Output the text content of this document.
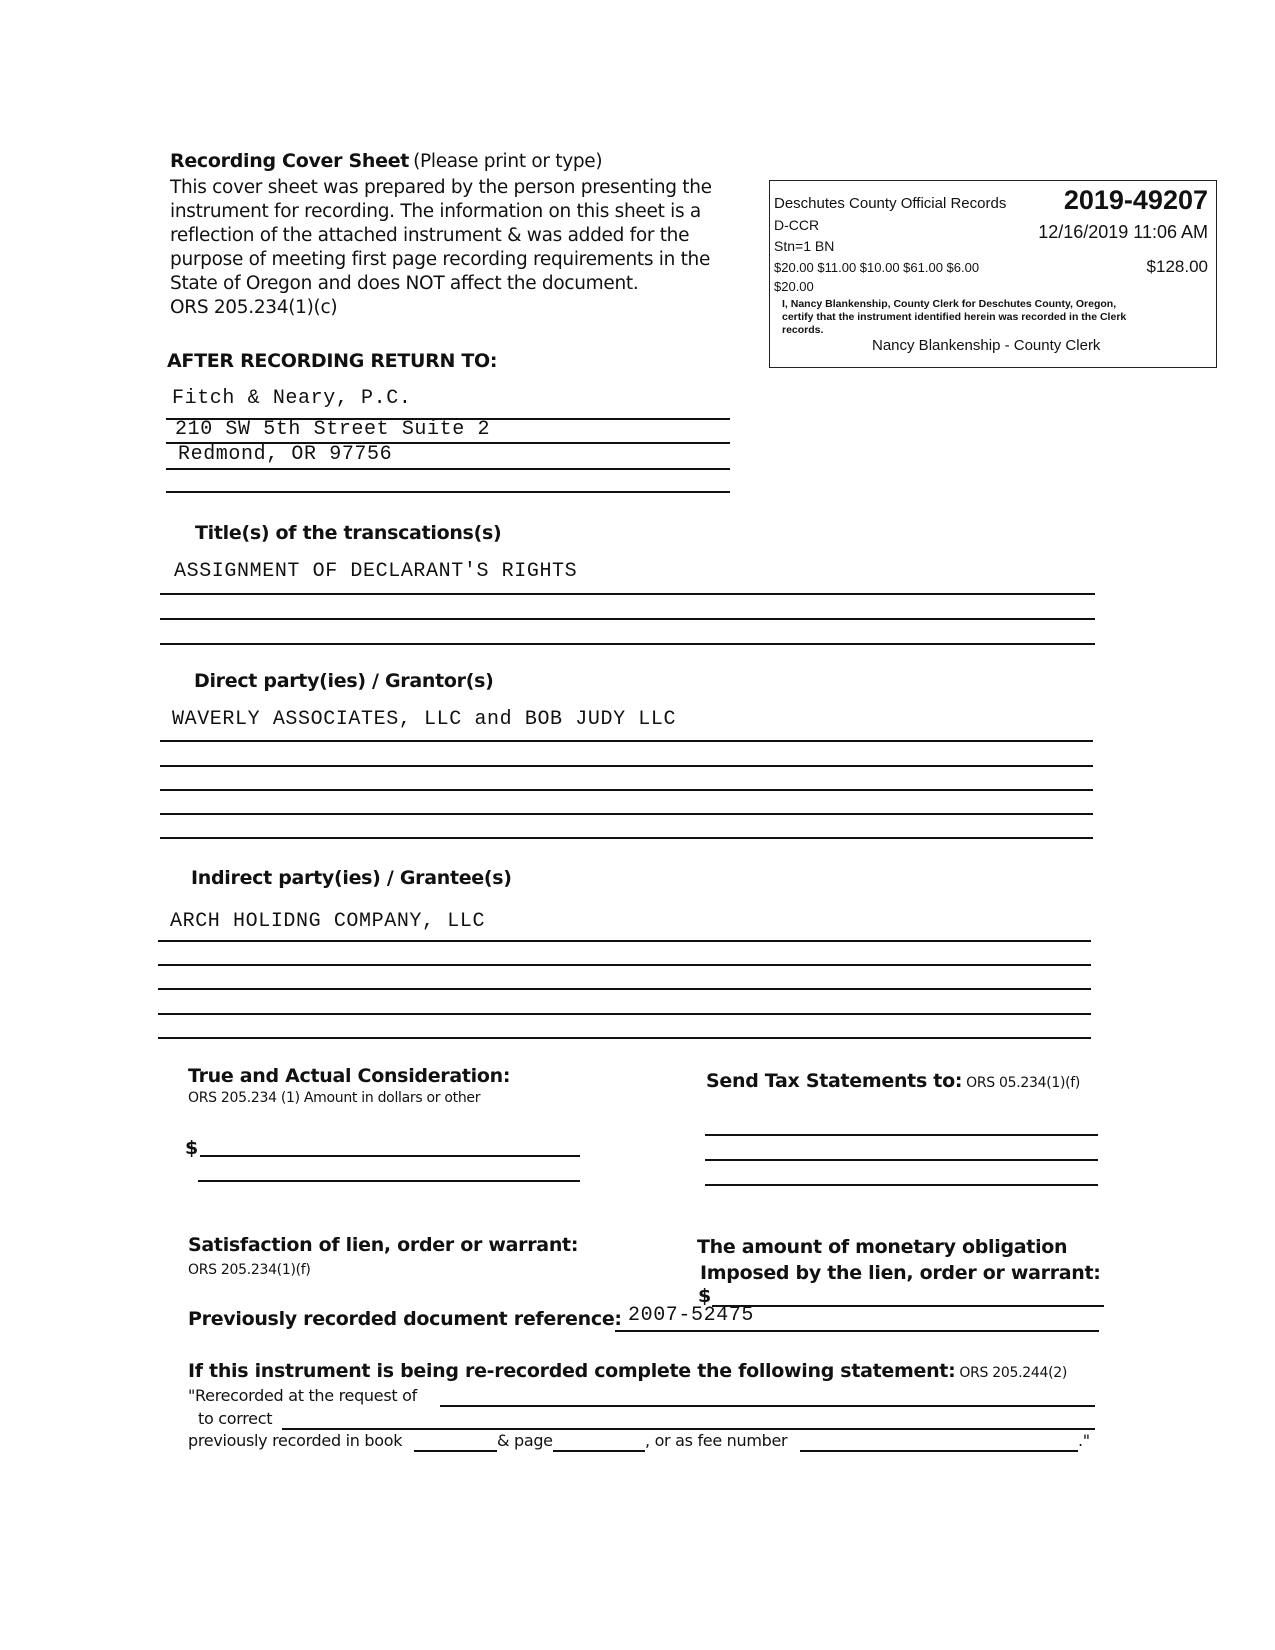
Recording Cover Sheet (Please print or type)
This cover sheet was prepared by the person presenting the
instrument for recording. The information on this sheet is a
reflection of the attached instrument & was added for the
purpose of meeting first page recording requirements in the
State of Oregon and does NOT affect the document.
ORS 205.234(1)(c)
Deschutes County Official Records 2019-49207
D-CCR	12/16/2019 11:06 AM
Stn=1 BN
$20.00 $11.00 $10.00 $61.00 $6.00	$128.00
$20.00
I, Nancy Blankenship, County Clerk for Deschutes County, Oregon,
certify that the instrument identified herein was recorded in the Clerk
records.
Nancy Blankenship - County Clerk
AFTER RECORDING RETURN TO:
Fitch & Neary, P.C.
210 SW 5th Street Suite 2
Redmond, OR 97756
Title(s) of the transcations(s)
ASSIGNMENT OF DECLARANT'S RIGHTS
Direct party(ies) / Grantor(s)
WAVERLY ASSOCIATES, LLC and BOB JUDY LLC
Indirect party(ies) / Grantee(s)
ARCH HOLIDNG COMPANY, LLC
True and Actual Consideration:
ORS 205.234 (1) Amount in dollars or other
$
Send Tax Statements to: ORS 05.234(1)(f)
Satisfaction of lien, order or warrant:
ORS 205.234(1)(f)
The amount of monetary obligation
Imposed by the lien, order or warrant:
$
Previously recorded document reference: 2007-52475
If this instrument is being re-recorded complete the following statement: ORS 205.244(2)
"Rerecorded at the request of
to correct
previously recorded in book	& page	, or as fee number	."
